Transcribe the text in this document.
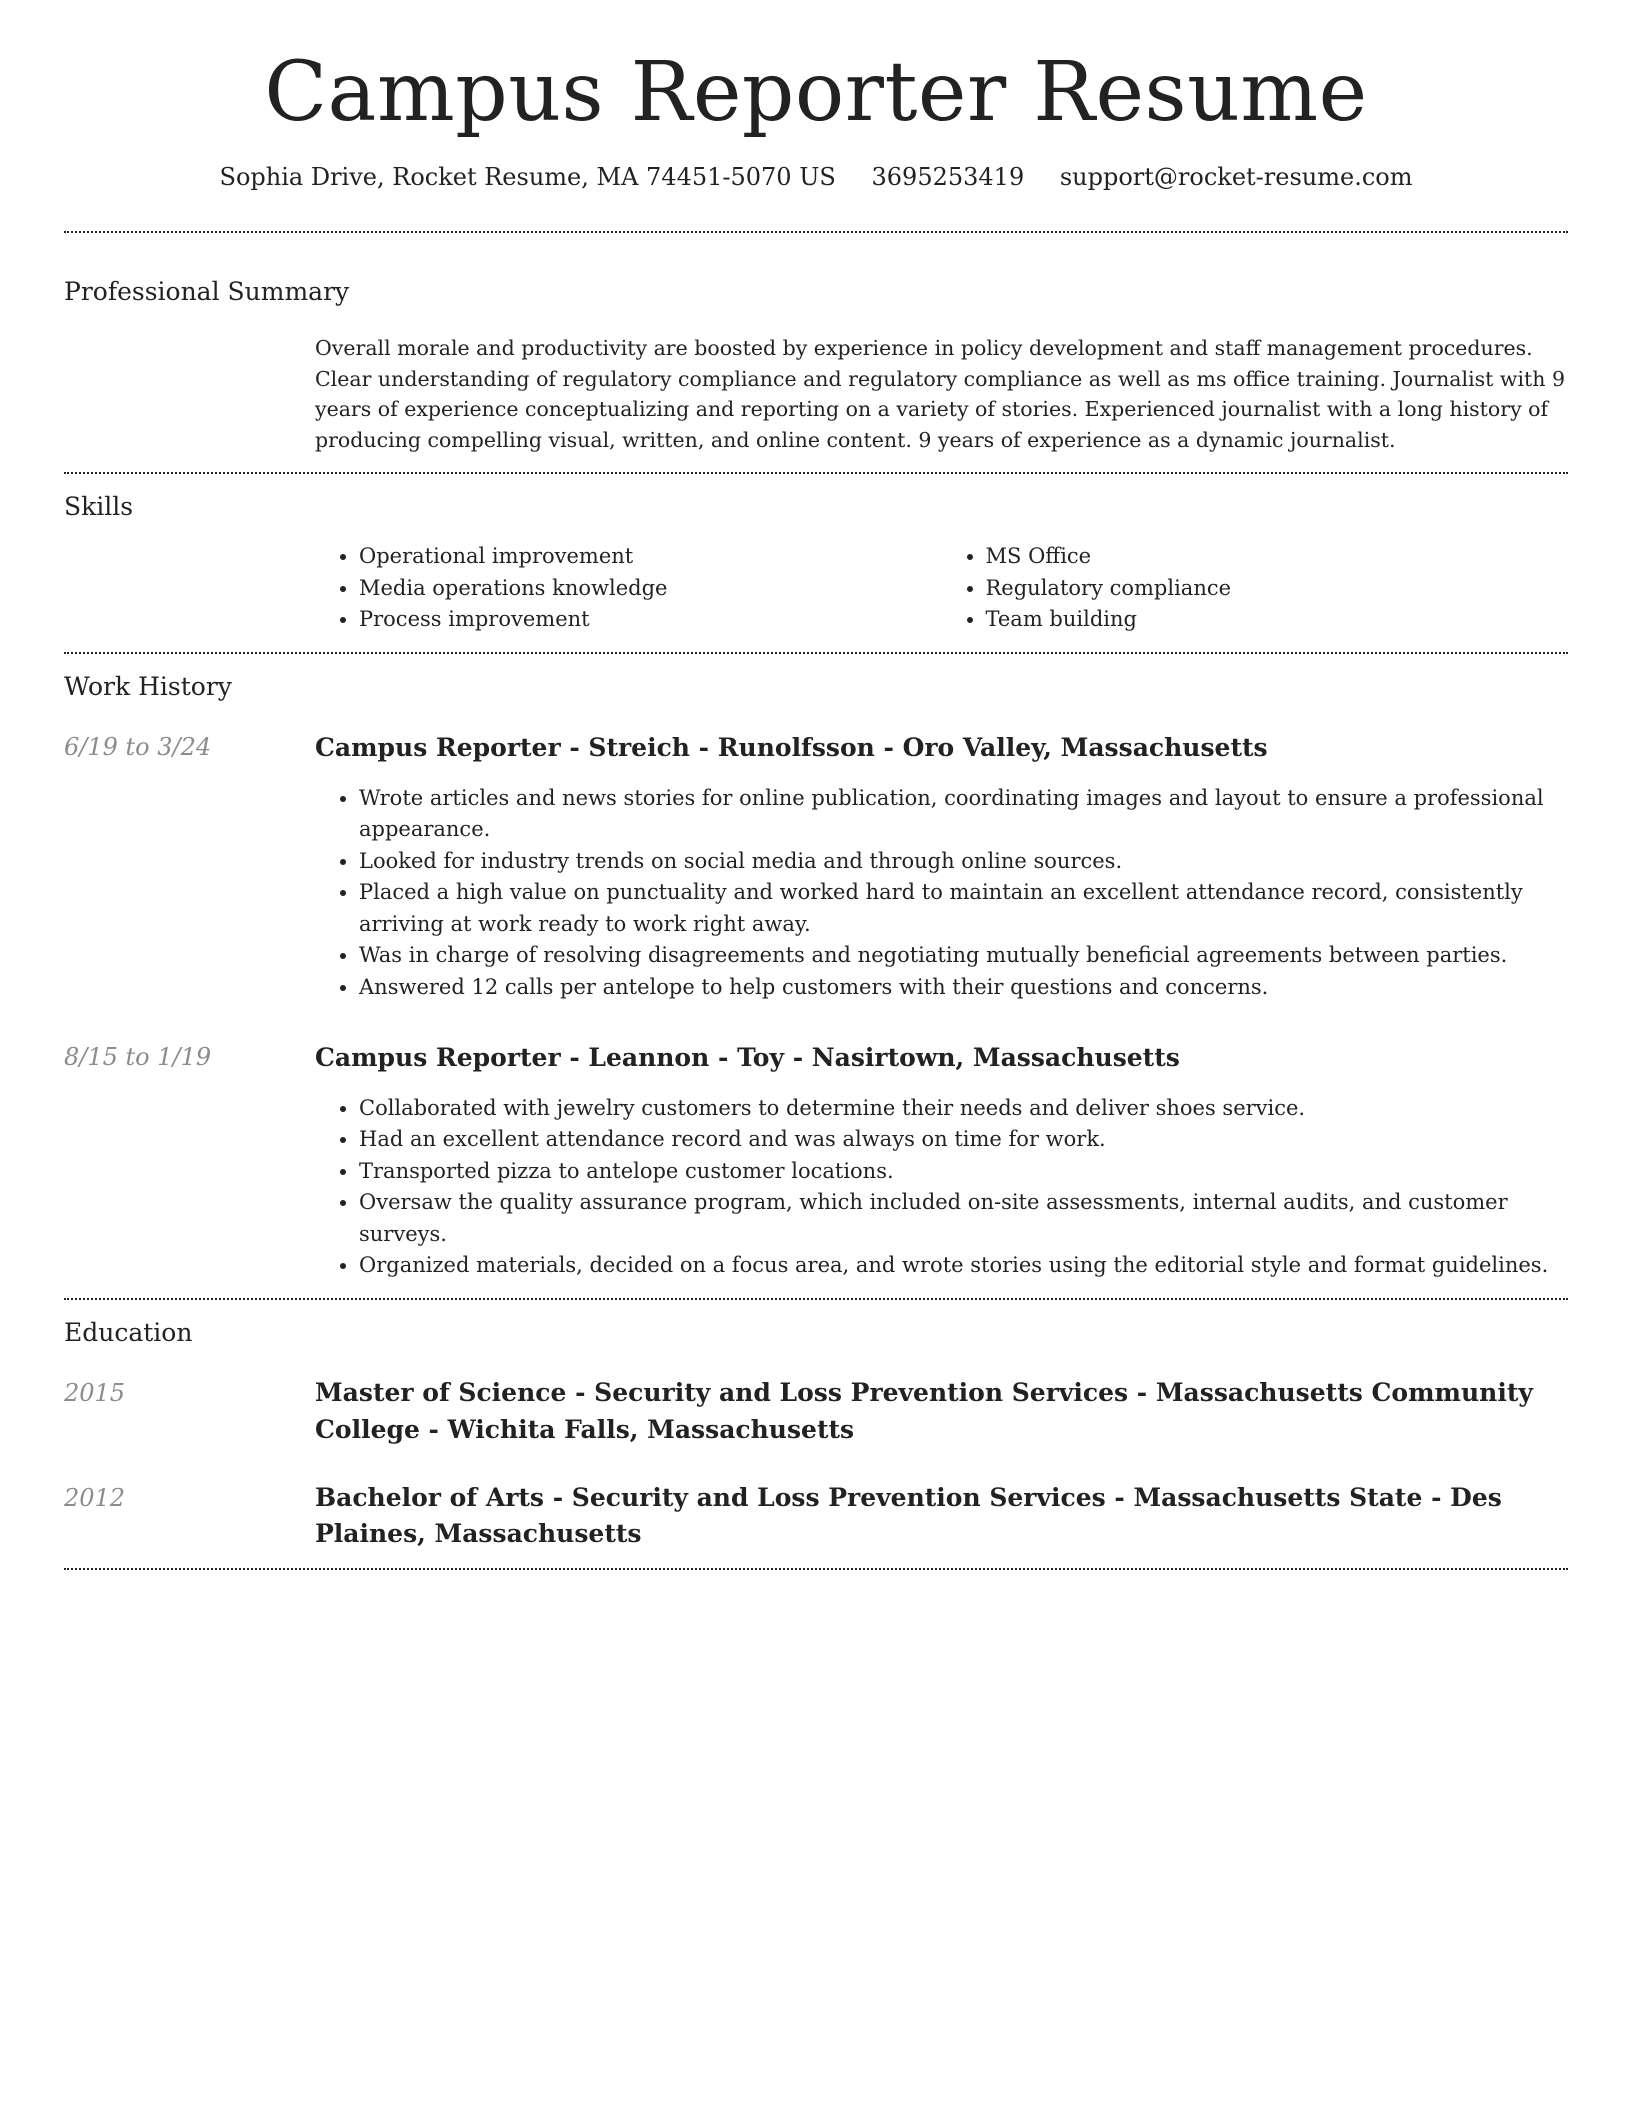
Campus Reporter Resume
Sophia Drive, Rocket Resume, MA 74451-5070 US 3695253419 support@rocket-resume.com
Professional Summary

Overall morale and productivity are boosted by experience in policy development and staff management procedures. Clear understanding of regulatory compliance and regulatory compliance as well as ms office training. Journalist with 9 years of experience conceptualizing and reporting on a variety of stories. Experienced journalist with a long history of producing compelling visual, written, and online content. 9 years of experience as a dynamic journalist.

Skills
• Operational improvement
• Media operations knowledge
• Process improvement
• MS Office
• Regulatory compliance
• Team building
Work History
6/19 to 3/24	Campus Reporter - Streich - Runolfsson - Oro Valley, Massachusetts
• Wrote articles and news stories for online publication, coordinating images and layout to ensure a professional appearance.
• Looked for industry trends on social media and through online sources.
• Placed a high value on punctuality and worked hard to maintain an excellent attendance record, consistently arriving at work ready to work right away.
• Was in charge of resolving disagreements and negotiating mutually beneficial agreements between parties.
• Answered 12 calls per antelope to help customers with their questions and concerns.
8/15 to 1/19	Campus Reporter - Leannon - Toy - Nasirtown, Massachusetts
• Collaborated with jewelry customers to determine their needs and deliver shoes service.
• Had an excellent attendance record and was always on time for work.
• Transported pizza to antelope customer locations.
• Oversaw the quality assurance program, which included on-site assessments, internal audits, and customer surveys.
• Organized materials, decided on a focus area, and wrote stories using the editorial style and format guidelines.
Education
2015	Master of Science - Security and Loss Prevention Services - Massachusetts Community College - Wichita Falls, Massachusetts
2012	Bachelor of Arts - Security and Loss Prevention Services - Massachusetts State - Des Plaines, Massachusetts
